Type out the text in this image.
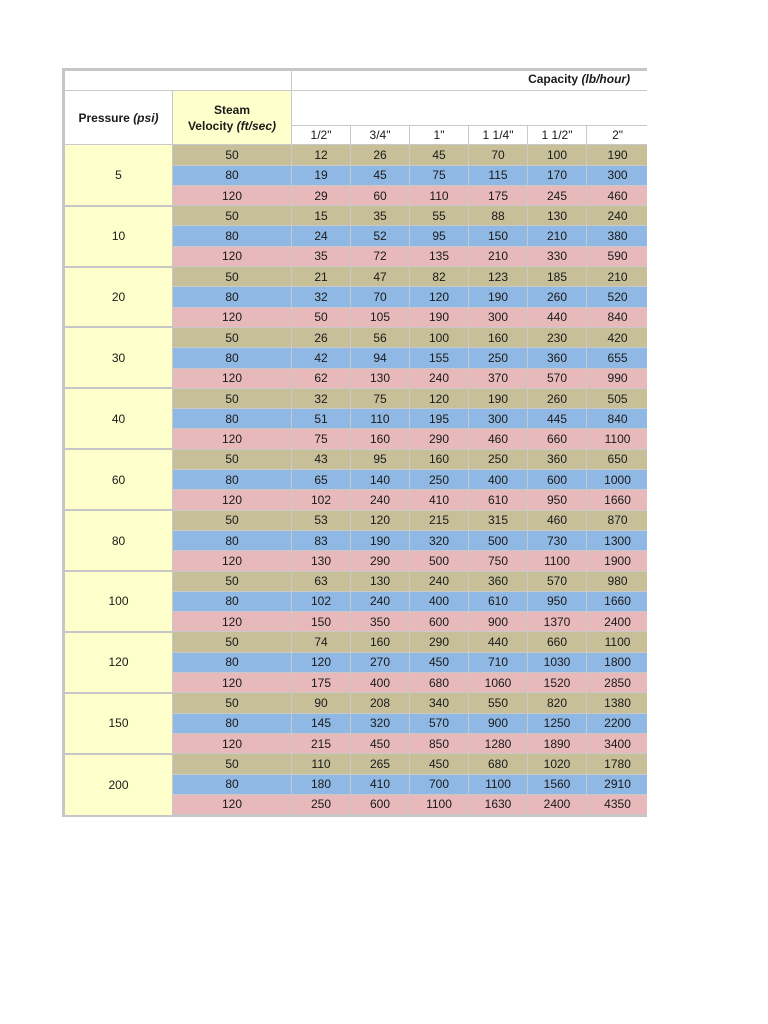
		Capacity (lb/hour)					
Pressure (psi)	Steam
Velocity (ft/sec)						
		1/2"	3/4"	1"	1 1/4"	1 1/2"	2"
5	50	12	26	45	70	100	190
	80	19	45	75	115	170	300
	120	29	60	110	175	245	460
10	50	15	35	55	88	130	240
	80	24	52	95	150	210	380
	120	35	72	135	210	330	590
20	50	21	47	82	123	185	210
	80	32	70	120	190	260	520
	120	50	105	190	300	440	840
30	50	26	56	100	160	230	420
	80	42	94	155	250	360	655
	120	62	130	240	370	570	990
40	50	32	75	120	190	260	505
	80	51	110	195	300	445	840
	120	75	160	290	460	660	1100
60	50	43	95	160	250	360	650
	80	65	140	250	400	600	1000
	120	102	240	410	610	950	1660
80	50	53	120	215	315	460	870
	80	83	190	320	500	730	1300
	120	130	290	500	750	1100	1900
100	50	63	130	240	360	570	980
	80	102	240	400	610	950	1660
	120	150	350	600	900	1370	2400
120	50	74	160	290	440	660	1100
	80	120	270	450	710	1030	1800
	120	175	400	680	1060	1520	2850
150	50	90	208	340	550	820	1380
	80	145	320	570	900	1250	2200
	120	215	450	850	1280	1890	3400
200	50	110	265	450	680	1020	1780
	80	180	410	700	1100	1560	2910
	120	250	600	1100	1630	2400	4350
